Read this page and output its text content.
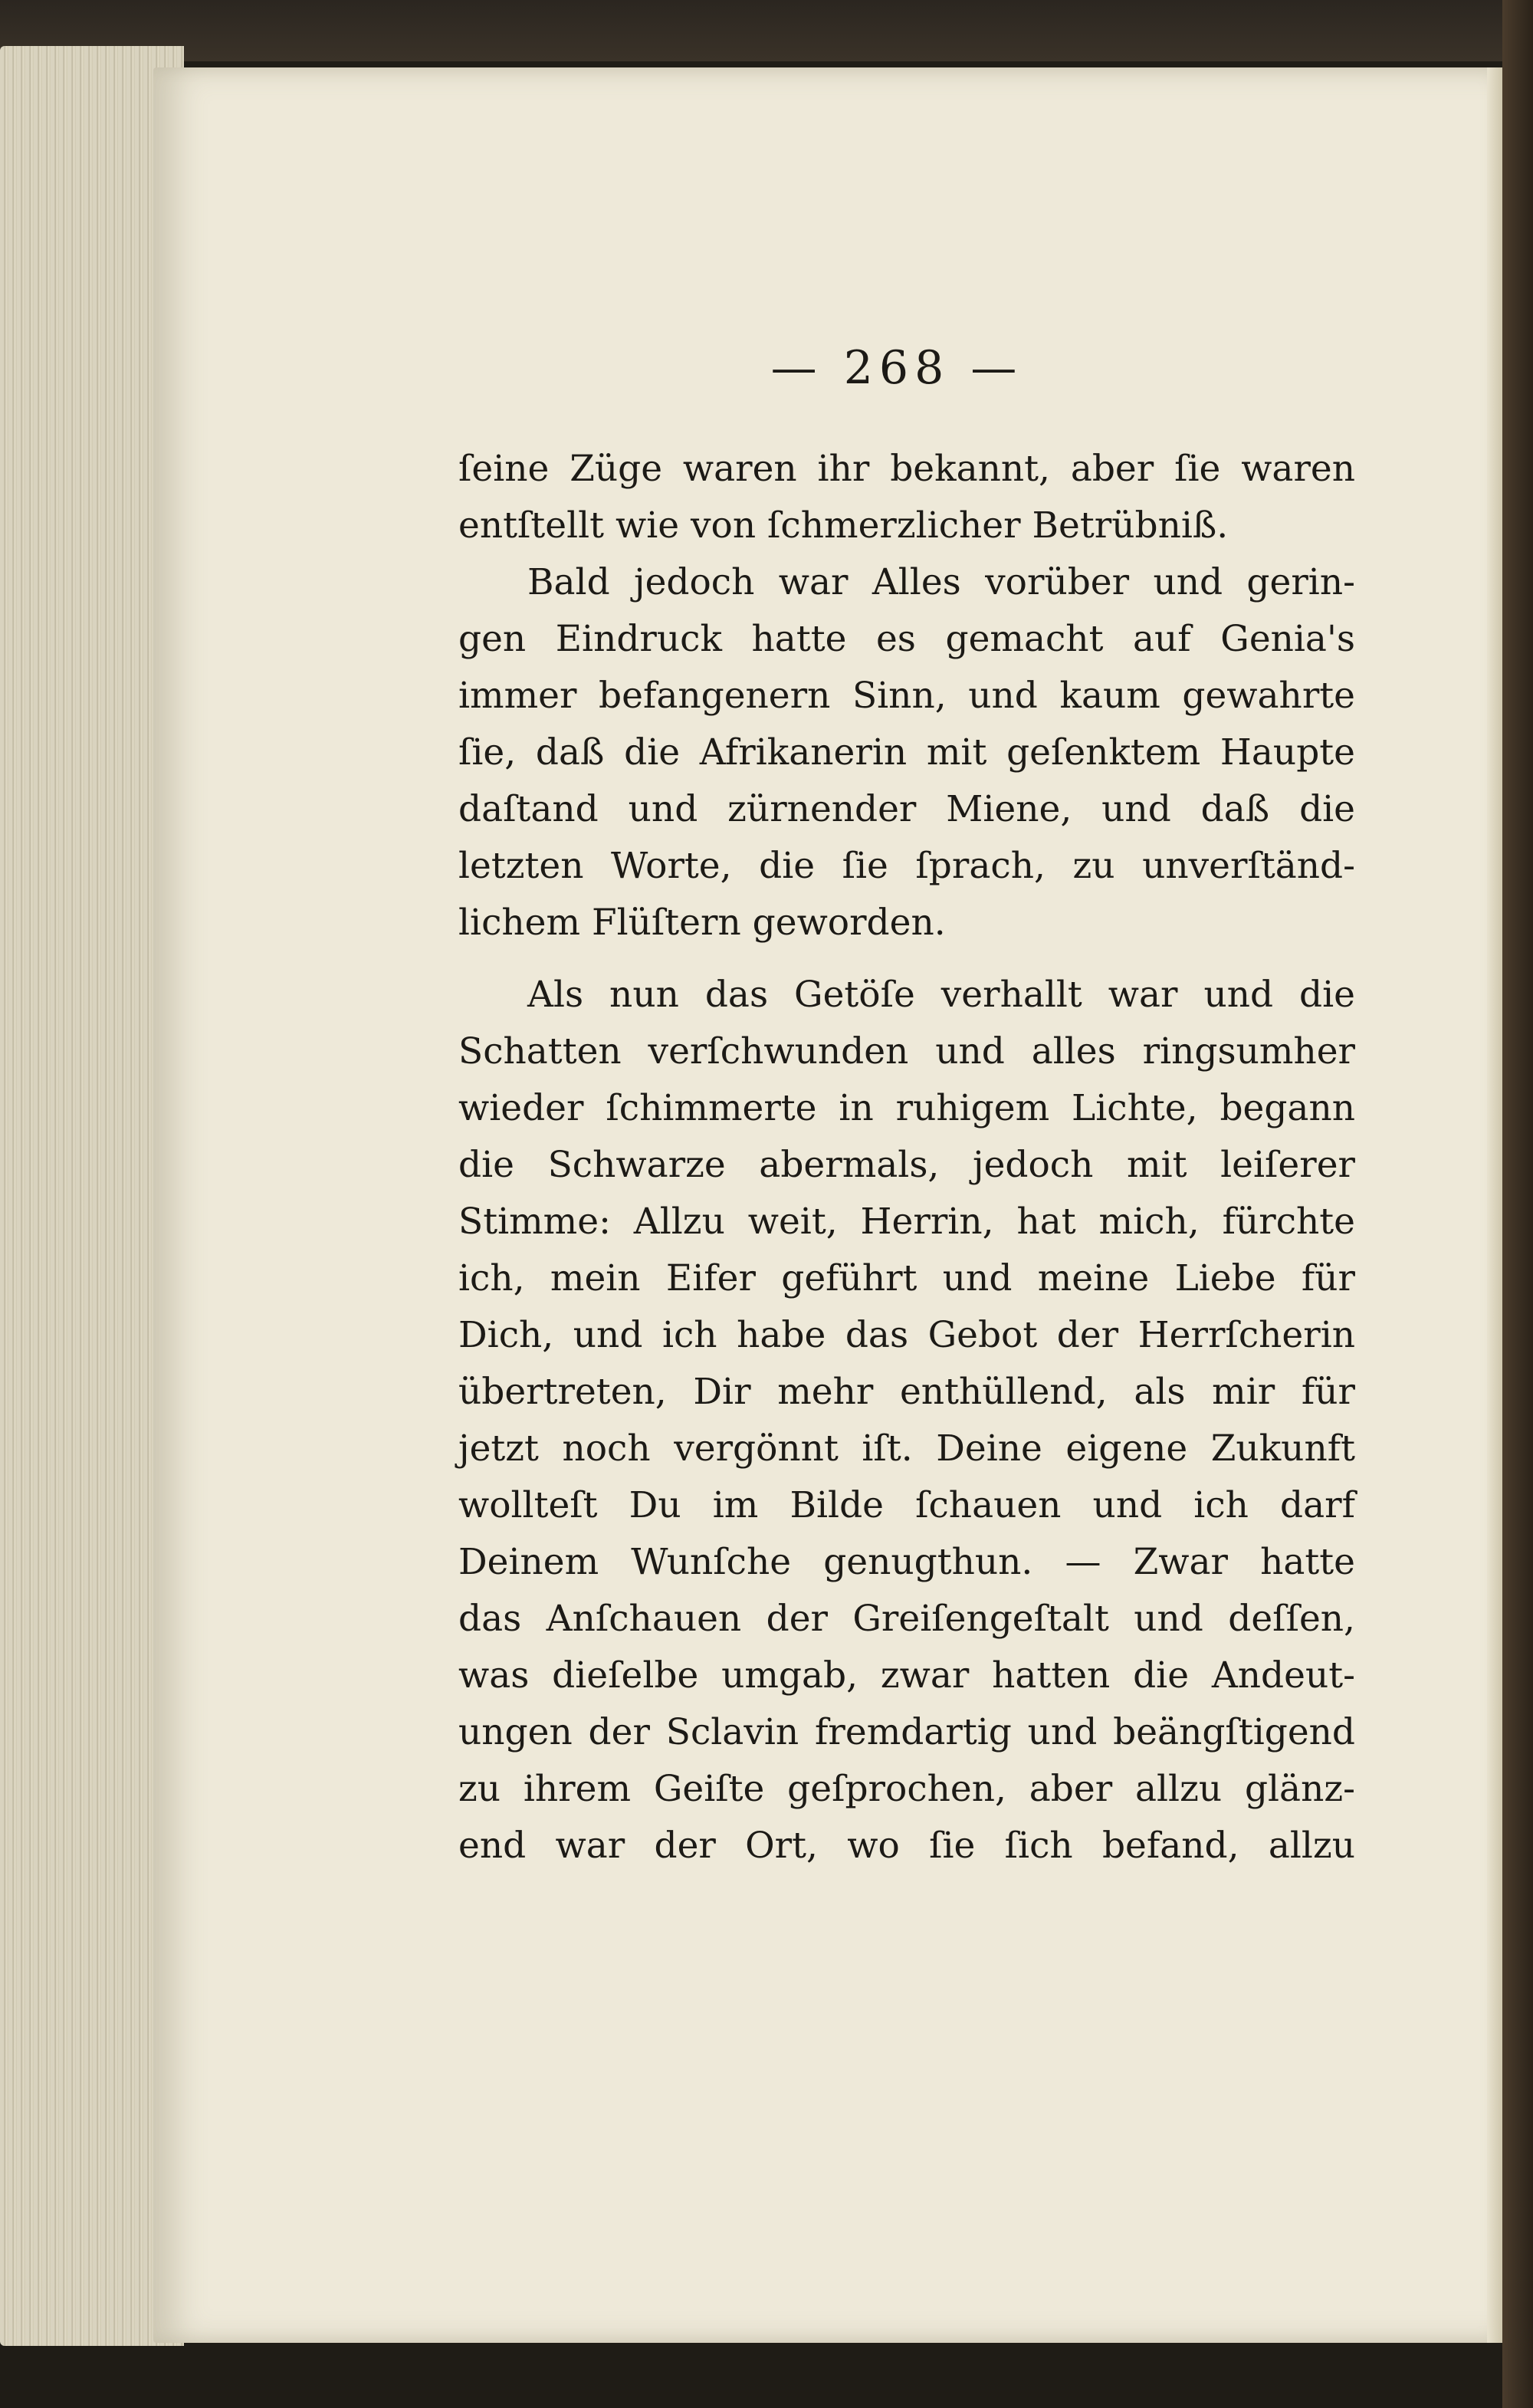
— 268 —
ſeine Züge waren ihr bekannt, aber ſie waren
entſtellt wie von ſchmerzlicher Betrübniß.
Bald jedoch war Alles vorüber und gerin-
gen Eindruck hatte es gemacht auf Genia's
immer befangenern Sinn, und kaum gewahrte
ſie, daß die Afrikanerin mit geſenktem Haupte
daſtand und zürnender Miene, und daß die
letzten Worte, die ſie ſprach, zu unverſtänd-
lichem Flüſtern geworden.
Als nun das Getöſe verhallt war und die
Schatten verſchwunden und alles ringsumher
wieder ſchimmerte in ruhigem Lichte, begann
die Schwarze abermals, jedoch mit leiſerer
Stimme: Allzu weit, Herrin, hat mich, fürchte
ich, mein Eifer geführt und meine Liebe für
Dich, und ich habe das Gebot der Herrſcherin
übertreten, Dir mehr enthüllend, als mir für
jetzt noch vergönnt iſt. Deine eigene Zukunft
wollteſt Du im Bilde ſchauen und ich darf
Deinem Wunſche genugthun. — Zwar hatte
das Anſchauen der Greiſengeſtalt und deſſen,
was dieſelbe umgab, zwar hatten die Andeut-
ungen der Sclavin fremdartig und beängſtigend
zu ihrem Geiſte geſprochen, aber allzu glänz-
end war der Ort, wo ſie ſich befand, allzu
